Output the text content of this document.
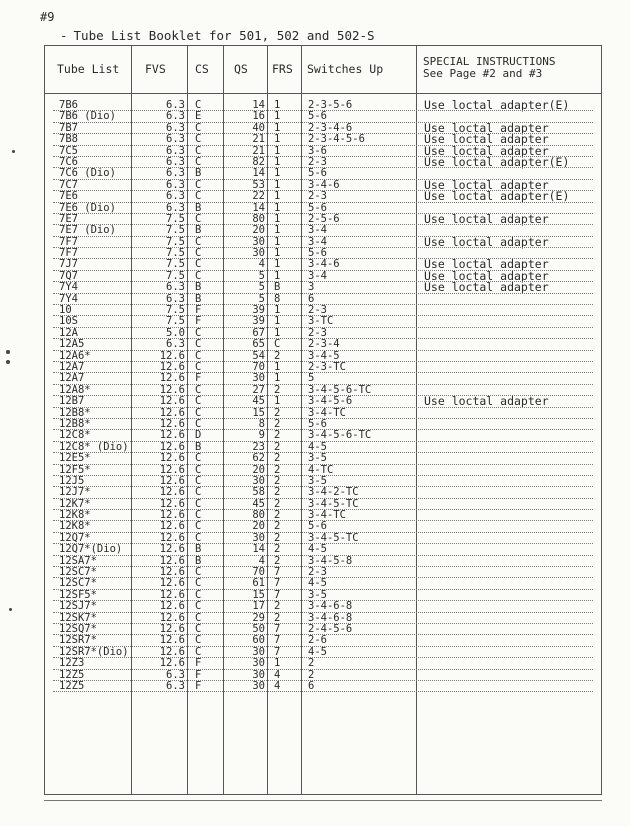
#9
- Tube List Booklet for 501, 502 and 502-S
Tube List FVS	CS QS FRS Switches Up
SPECIAL INSTRUCTIONS
See Page #2 and #3
7B6	6.3 C	14 1	2-3-5-6	Use loctal adapter(E)
7B6 (Dio)	6.3 E	16 1	5-6
7B7	6.3 C	40 1	2-3-4-6	Use loctal adapter
7B8	6.3 C	21 1	2-3-4-5-6	Use loctal adapter
7C5	6.3 C	21 1	3-6	Use loctal adapter
7C6	6.3 C	82 1	2-3	Use loctal adapter(E)
7C6 (Dio)	6.3 B	14 1	5-6
7C7	6.3 C	53 1	3-4-6	Use loctal adapter
7E6	6.3 C	22 1	2-3	Use loctal adapter(E)
7E6 (Dio)	6.3 B	14 1	5-6
7E7	7.5 C	80 1	2-5-6	Use loctal adapter
7E7 (Dio)	7.5 B	20 1	3-4
7F7	7.5 C	30 1	3-4	Use loctal adapter
7F7	7.5 C	30 1	5-6
7J7	7.5 C	4 1	3-4-6	Use loctal adapter
7Q7	7.5 C	5 1	3-4	Use loctal adapter
7Y4	6.3 B	5 B	3	Use loctal adapter
7Y4	6.3 B	5 8	6
10	7.5 F	39 1	2-3
10S	7.5 F	39 1	3-TC
12A	5.0 C	67 1	2-3
12A5	6.3 C	65 C	2-3-4
12A6*	12.6 C	54 2	3-4-5
12A7	12.6 C	70 1	2-3-TC
12A7	12.6 F	30 1	5
12A8*	12.6 C	27 2	3-4-5-6-TC
12B7	12.6 C	45 1	3-4-5-6	Use loctal adapter
12B8*	12.6 C	15 2	3-4-TC
12B8*	12.6 C	8 2	5-6
12C8*	12.6 D	9 2	3-4-5-6-TC
12C8* (Dio)	12.6 B	23 2	4-5
12E5*	12.6 C	62 2	3-5
12F5*	12.6 C	20 2	4-TC
12J5	12.6 C	30 2	3-5
12J7*	12.6 C	58 2	3-4-2-TC
12K7*	12.6 C	45 2	3-4-5-TC
12K8*	12.6 C	80 2	3-4-TC
12K8*	12.6 C	20 2	5-6
12Q7*	12.6 C	30 2	3-4-5-TC
12Q7*(Dio)	12.6 B	14 2	4-5
12SA7*	12.6 B	4 2	3-4-5-8
12SC7*	12.6 C	70 7	2-3
12SC7*	12.6 C	61 7	4-5
12SF5*	12.6 C	15 7	3-5
12SJ7*	12.6 C	17 2	3-4-6-8
12SK7*	12.6 C	29 2	3-4-6-8
12SQ7*	12.6 C	50 7	2-4-5-6
12SR7*	12.6 C	60 7	2-6
12SR7*(Dio)	12.6 C	30 7	4-5
12Z3	12.6 F	30 1	2
12Z5	6.3 F	30 4	2
12Z5	6.3 F	30 4	6
